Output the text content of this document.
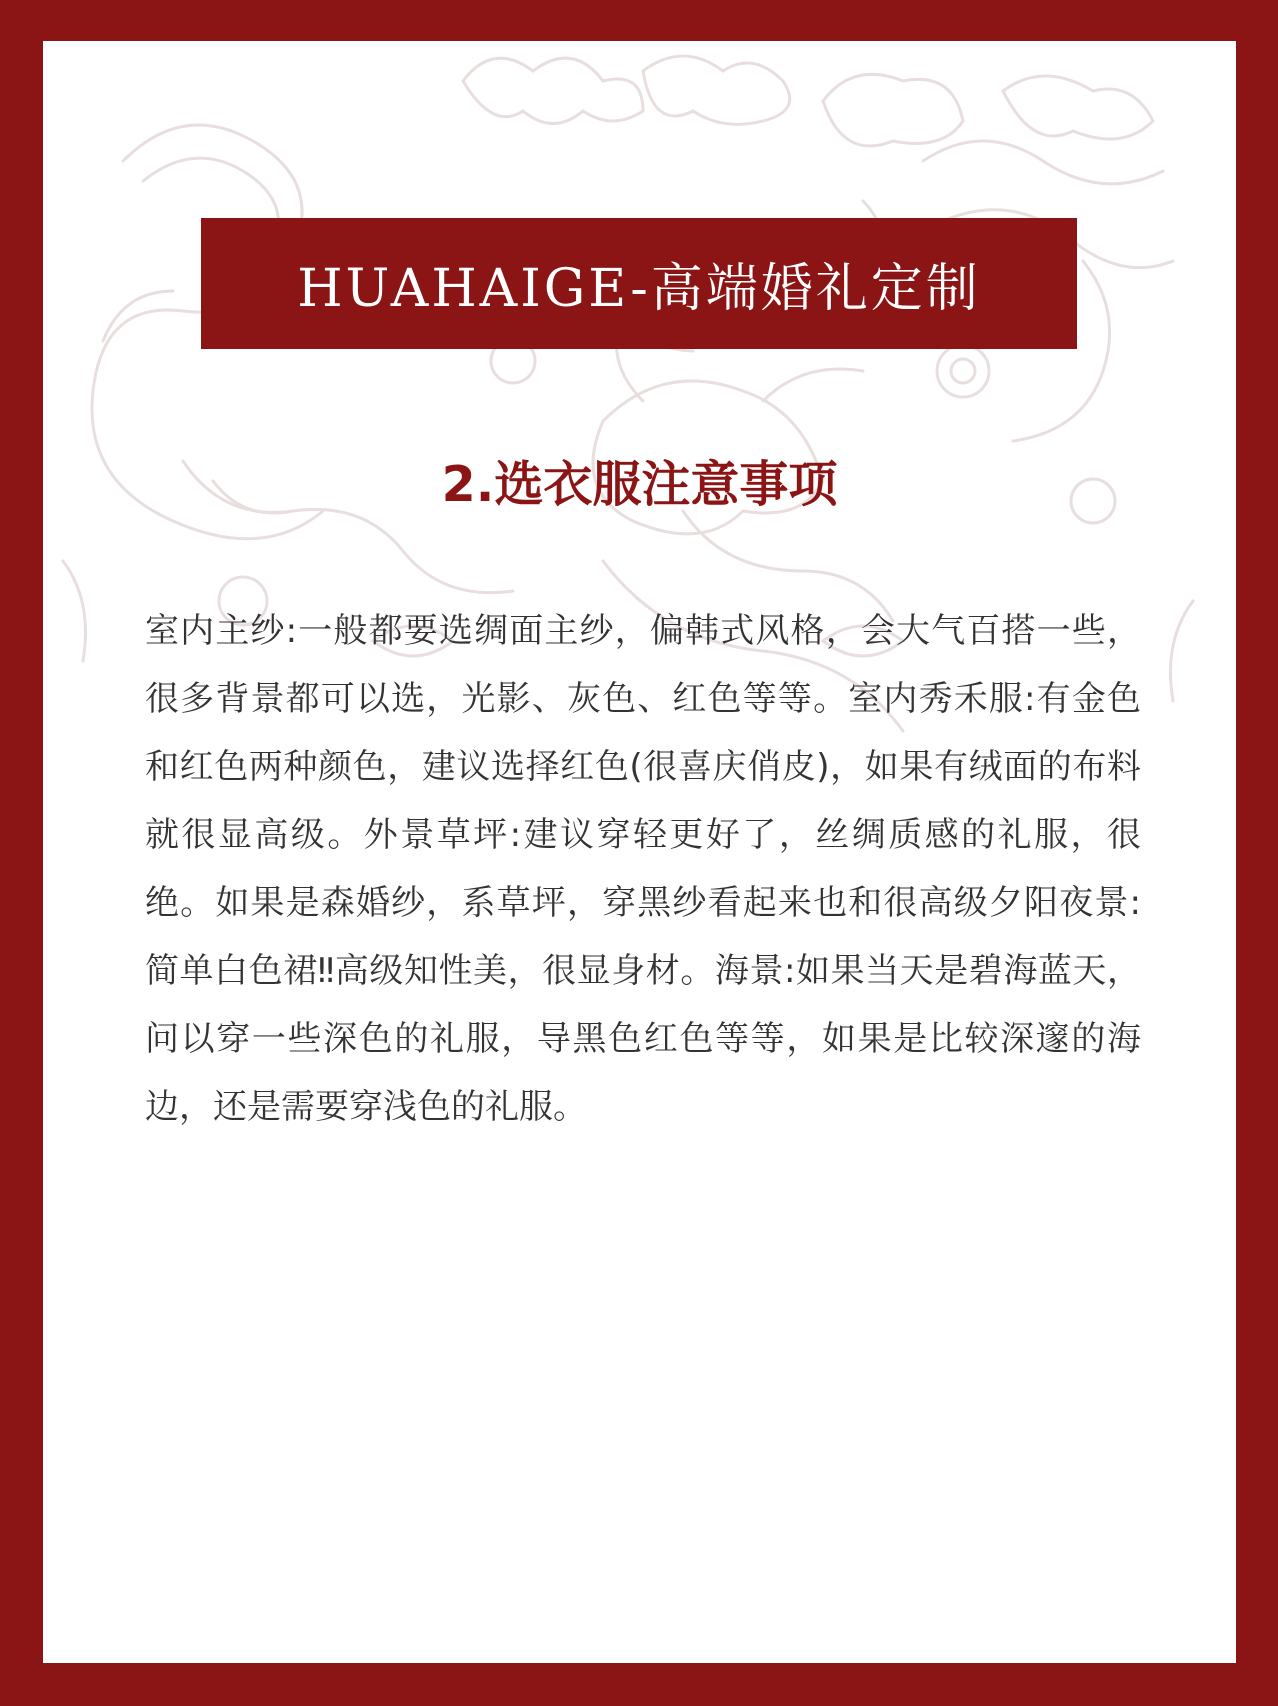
HUAHAIGE-高端婚礼定制
2.选衣服注意事项

室内主纱:一般都要选绸面主纱，偏韩式风格，会大气百搭一些，很多背景都可以选，光影、灰色、红色等等。室内秀禾服:有金色和红色两种颜色，建议选择红色(很喜庆俏皮)，如果有绒面的布料就很显高级。外景草坪:建议穿轻更好了，丝绸质感的礼服，很绝。如果是森婚纱，系草坪，穿黑纱看起来也和很高级夕阳夜景:简单白色裙‼高级知性美，很显身材。海景:如果当天是碧海蓝天，问以穿一些深色的礼服，导黑色红色等等，如果是比较深邃的海边，还是需要穿浅色的礼服。
